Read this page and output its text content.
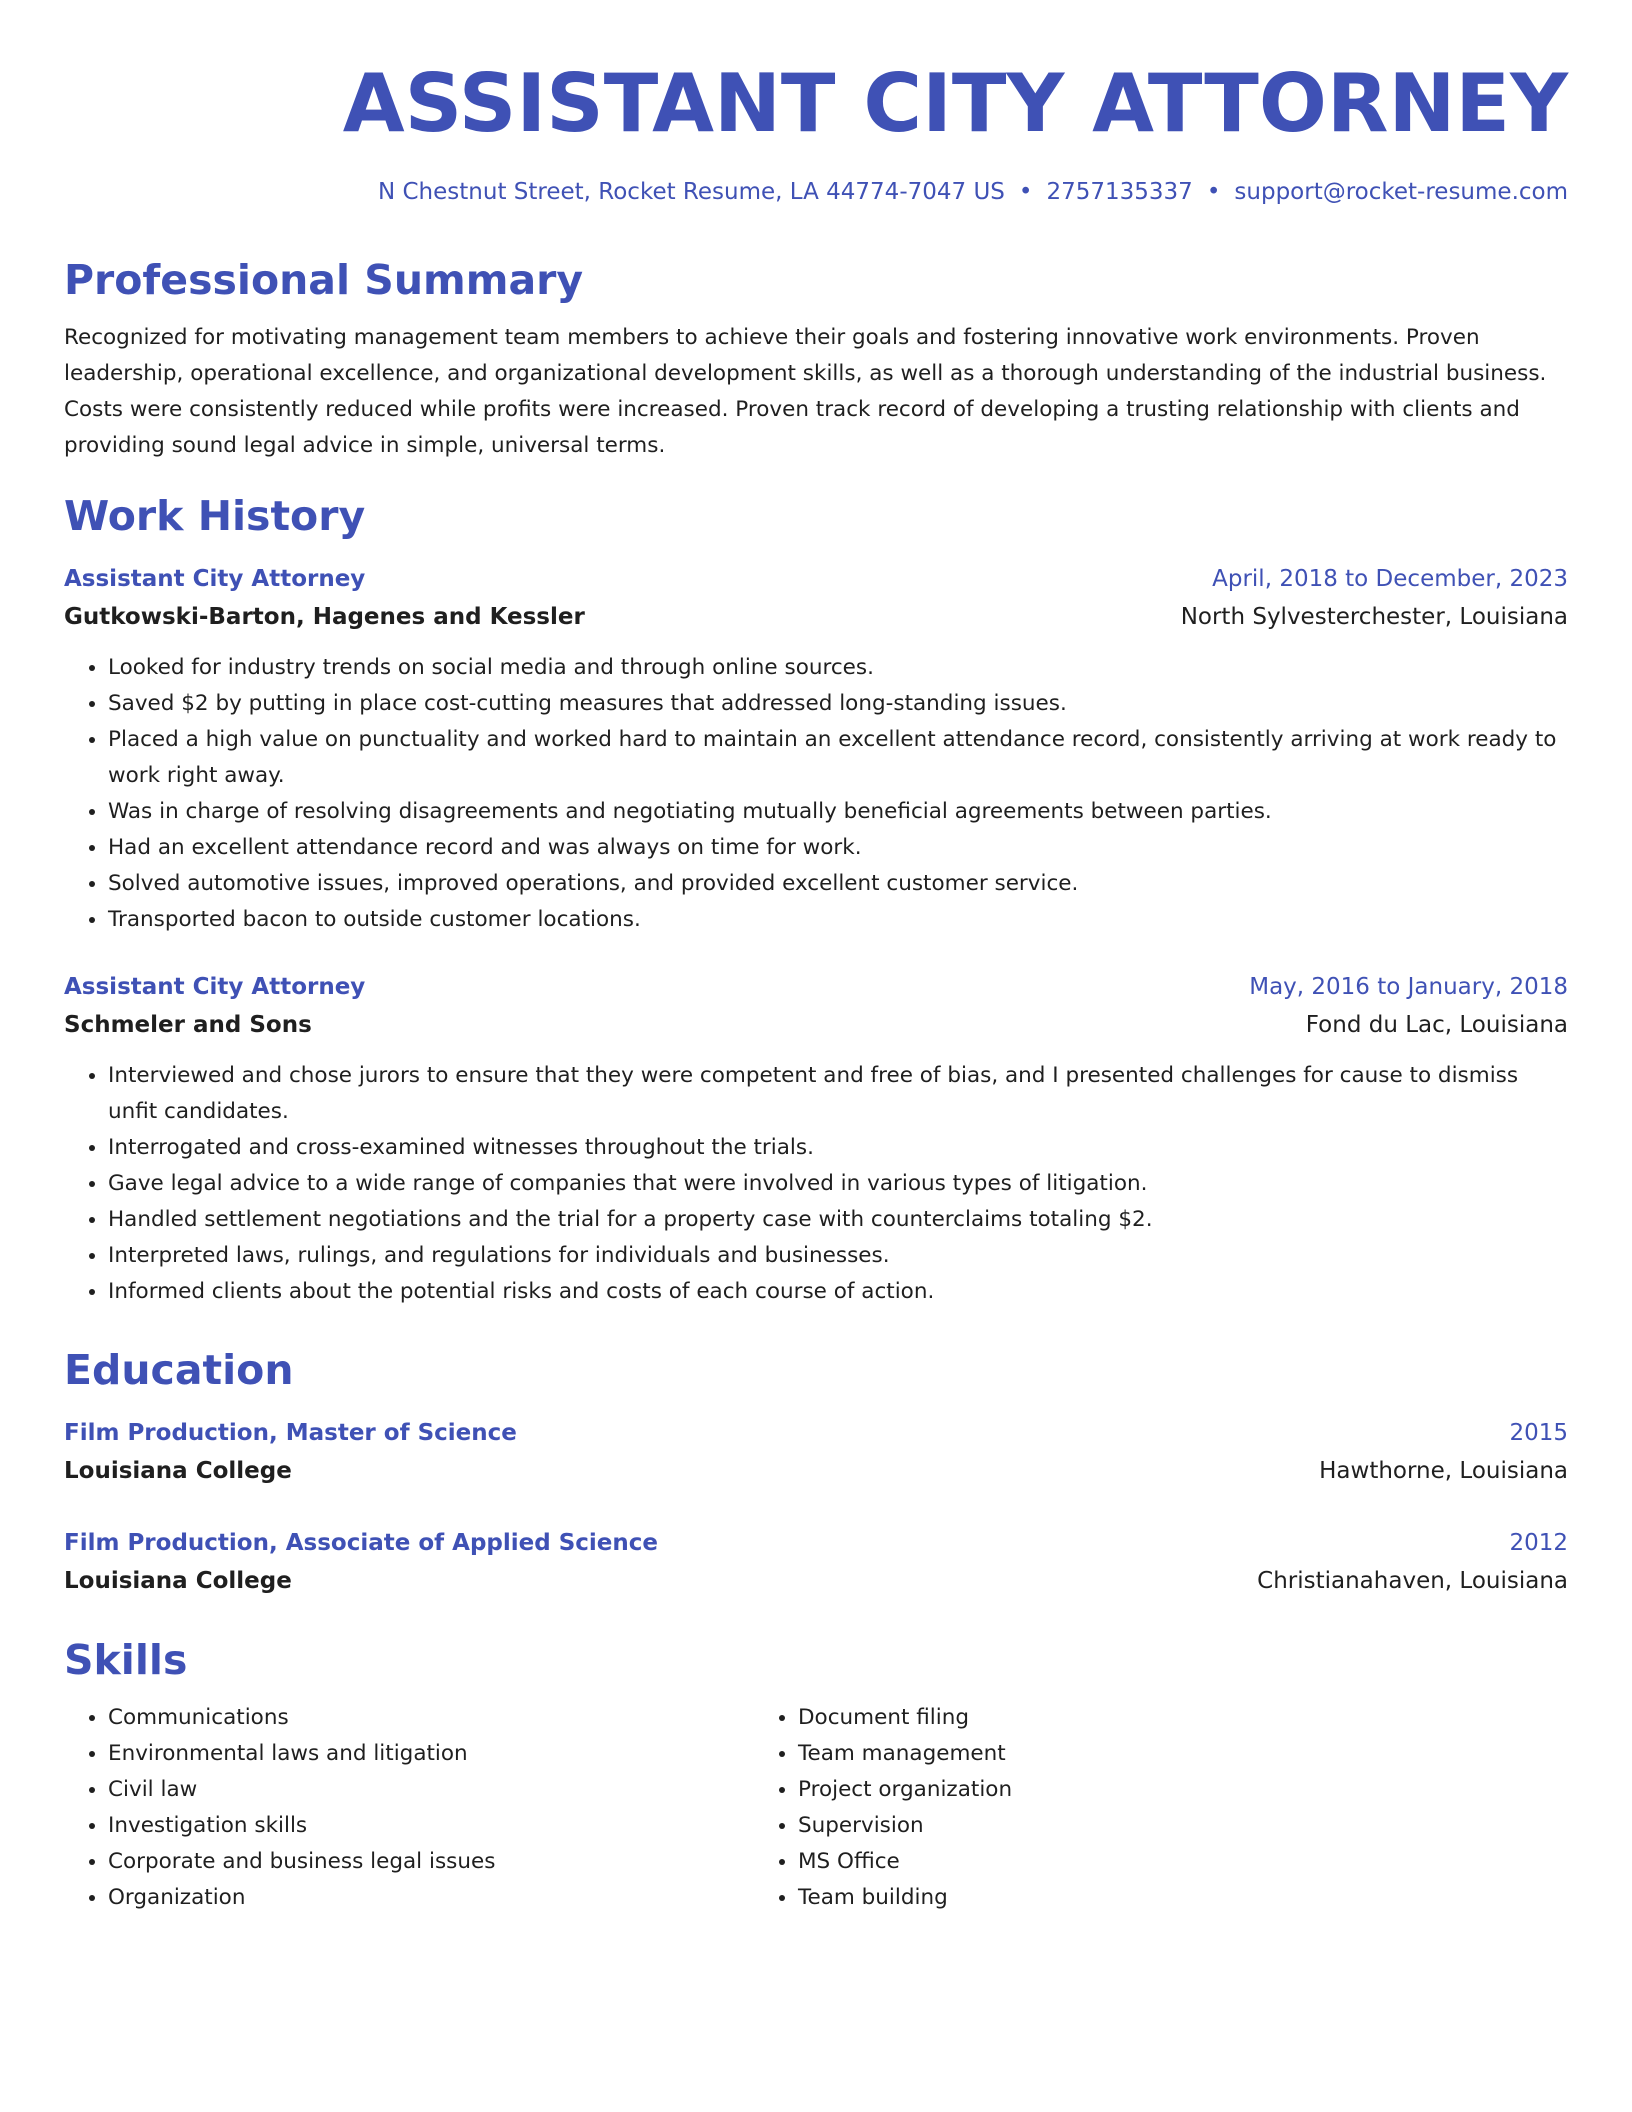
ASSISTANT CITY ATTORNEY
N Chestnut Street, Rocket Resume, LA 44774-7047 US • 2757135337 • support@rocket-resume.com
Professional Summary
Recognized for motivating management team members to achieve their goals and fostering innovative work environments. Proven leadership, operational excellence, and organizational development skills, as well as a thorough understanding of the industrial business. Costs were consistently reduced while profits were increased. Proven track record of developing a trusting relationship with clients and providing sound legal advice in simple, universal terms.
Work History
Assistant City Attorney	April, 2018 to December, 2023
Gutkowski-Barton, Hagenes and Kessler	North Sylvesterchester, Louisiana
• Looked for industry trends on social media and through online sources.
• Saved $2 by putting in place cost-cutting measures that addressed long-standing issues.
• Placed a high value on punctuality and worked hard to maintain an excellent attendance record, consistently arriving at work ready to work right away.
• Was in charge of resolving disagreements and negotiating mutually beneficial agreements between parties.
• Had an excellent attendance record and was always on time for work.
• Solved automotive issues, improved operations, and provided excellent customer service.
• Transported bacon to outside customer locations.
Assistant City Attorney	May, 2016 to January, 2018
Schmeler and Sons	Fond du Lac, Louisiana
• Interviewed and chose jurors to ensure that they were competent and free of bias, and I presented challenges for cause to dismiss unfit candidates.
• Interrogated and cross-examined witnesses throughout the trials.
• Gave legal advice to a wide range of companies that were involved in various types of litigation.
• Handled settlement negotiations and the trial for a property case with counterclaims totaling $2.
• Interpreted laws, rulings, and regulations for individuals and businesses.
• Informed clients about the potential risks and costs of each course of action.
Education
Film Production, Master of Science	2015
Louisiana College	Hawthorne, Louisiana
Film Production, Associate of Applied Science	2012
Louisiana College	Christianahaven, Louisiana
Skills
• Communications
• Environmental laws and litigation
• Civil law
• Investigation skills
• Corporate and business legal issues
• Organization
• Document filing
• Team management
• Project organization
• Supervision
• MS Office
• Team building
